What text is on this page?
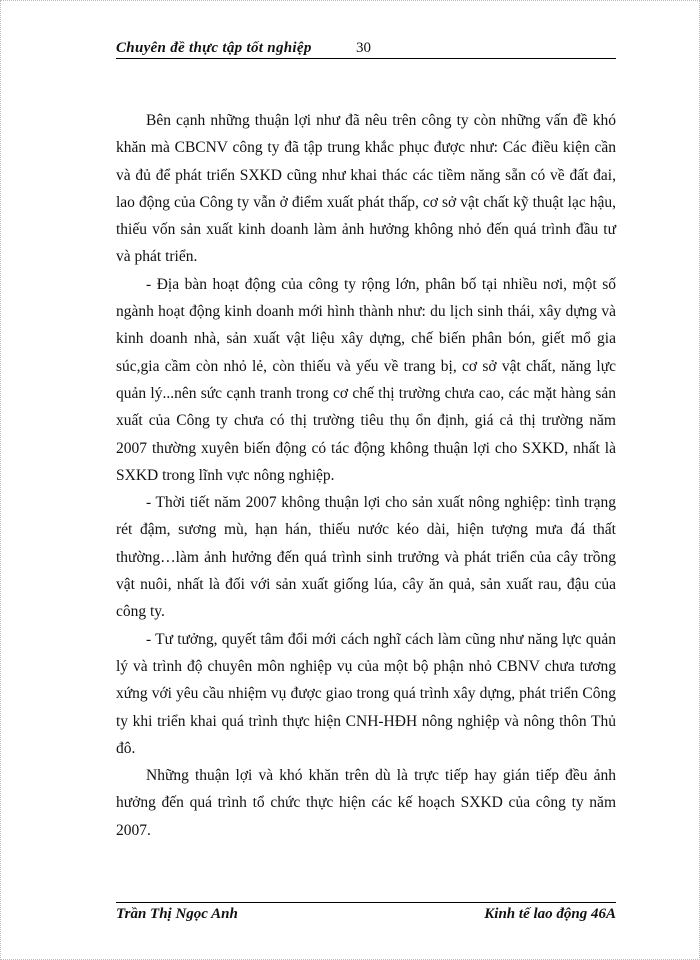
Chuyên đề thực tập tốt nghiệp	30

Bên cạnh những thuận lợi như đã nêu trên công ty còn những vấn đề khó khăn mà CBCNV công ty đã tập trung khắc phục được như: Các điều kiện cần và đủ để phát triển SXKD cũng như khai thác các tiềm năng sẵn có về đất đai, lao động của Công ty vẫn ở điểm xuất phát thấp, cơ sở vật chất kỹ thuật lạc hậu, thiếu vốn sản xuất kinh doanh làm ảnh hưởng không nhỏ đến quá trình đầu tư và phát triển.

- Địa bàn hoạt động của công ty rộng lớn, phân bố tại nhiều nơi, một số ngành hoạt động kinh doanh mới hình thành như: du lịch sinh thái, xây dựng và kinh doanh nhà, sản xuất vật liệu xây dựng, chế biến phân bón, giết mổ gia súc,gia cầm còn nhỏ lẻ, còn thiếu và yếu về trang bị, cơ sở vật chất, năng lực quản lý...nên sức cạnh tranh trong cơ chế thị trường chưa cao, các mặt hàng sản xuất của Công ty chưa có thị trường tiêu thụ ổn định, giá cả thị trường năm 2007 thường xuyên biến động có tác động không thuận lợi cho SXKD, nhất là SXKD trong lĩnh vực nông nghiệp.

- Thời tiết năm 2007 không thuận lợi cho sản xuất nông nghiệp: tình trạng rét đậm, sương mù, hạn hán, thiếu nước kéo dài, hiện tượng mưa đá thất thường…làm ảnh hưởng đến quá trình sinh trưởng và phát triển của cây trồng vật nuôi, nhất là đối với sản xuất giống lúa, cây ăn quả, sản xuất rau, đậu của công ty.

- Tư tưởng, quyết tâm đổi mới cách nghĩ cách làm cũng như năng lực quản lý và trình độ chuyên môn nghiệp vụ của một bộ phận nhỏ CBNV chưa tương xứng với yêu cầu nhiệm vụ được giao trong quá trình xây dựng, phát triển Công ty khi triển khai quá trình thực hiện CNH-HĐH nông nghiệp và nông thôn Thủ đô.

Những thuận lợi và khó khăn trên dù là trực tiếp hay gián tiếp đều ảnh hưởng đến quá trình tổ chức thực hiện các kế hoạch SXKD của công ty năm 2007.

Trần Thị Ngọc Anh	Kinh tế lao động 46A
